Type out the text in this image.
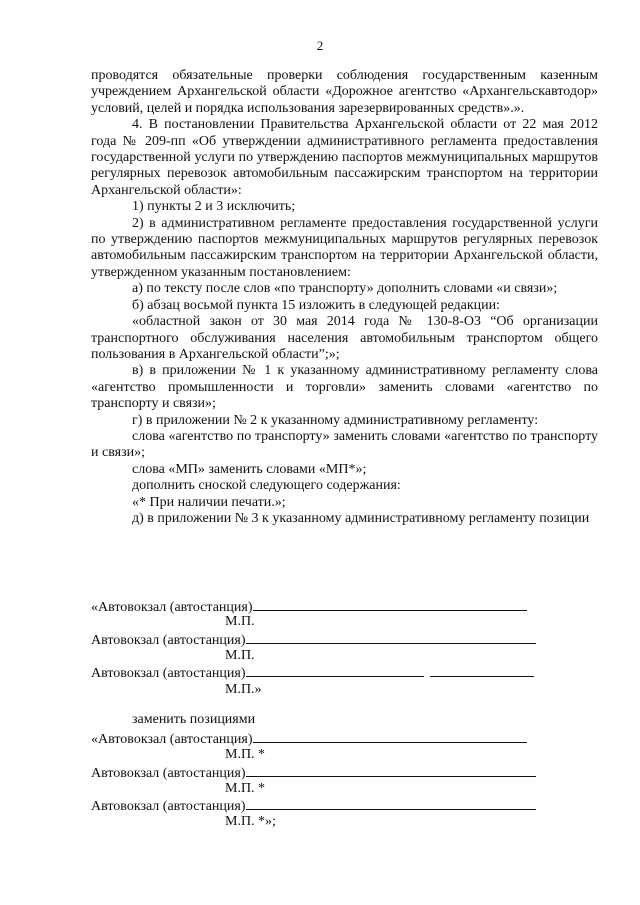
2

проводятся обязательные проверки соблюдения государственным казенным учреждением Архангельской области «Дорожное агентство «Архангельскавтодор» условий, целей и порядка использования зарезервированных средств».».

4. В постановлении Правительства Архангельской области от 22 мая 2012 года № 209-пп «Об утверждении административного регламента предоставления государственной услуги по утверждению паспортов межмуниципальных маршрутов регулярных перевозок автомобильным пассажирским транспортом на территории Архангельской области»:

1) пункты 2 и 3 исключить;

2) в административном регламенте предоставления государственной услуги по утверждению паспортов межмуниципальных маршрутов регулярных перевозок автомобильным пассажирским транспортом на территории Архангельской области, утвержденном указанным постановлением:

а) по тексту после слов «по транспорту» дополнить словами «и связи»;

б) абзац восьмой пункта 15 изложить в следующей редакции:

«областной закон от 30 мая 2014 года № 130-8-ОЗ “Об организации транспортного обслуживания населения автомобильным транспортом общего пользования в Архангельской области”;»;

в) в приложении № 1 к указанному административному регламенту слова «агентство промышленности и торговли» заменить словами «агентство по транспорту и связи»;

г) в приложении № 2 к указанному административному регламенту:

слова «агентство по транспорту» заменить словами «агентство по транспорту и связи»;

слова «МП» заменить словами «МП*»;

дополнить сноской следующего содержания:

«* При наличии печати.»;

д) в приложении № 3 к указанному административному регламенту позиции

«Автовокзал (автостанция)
М.П.
Автовокзал (автостанция)
М.П.
Автовокзал (автостанция)
М.П.»
заменить позициями
«Автовокзал (автостанция)
М.П. *
Автовокзал (автостанция)
М.П. *
Автовокзал (автостанция)
М.П. *»;
